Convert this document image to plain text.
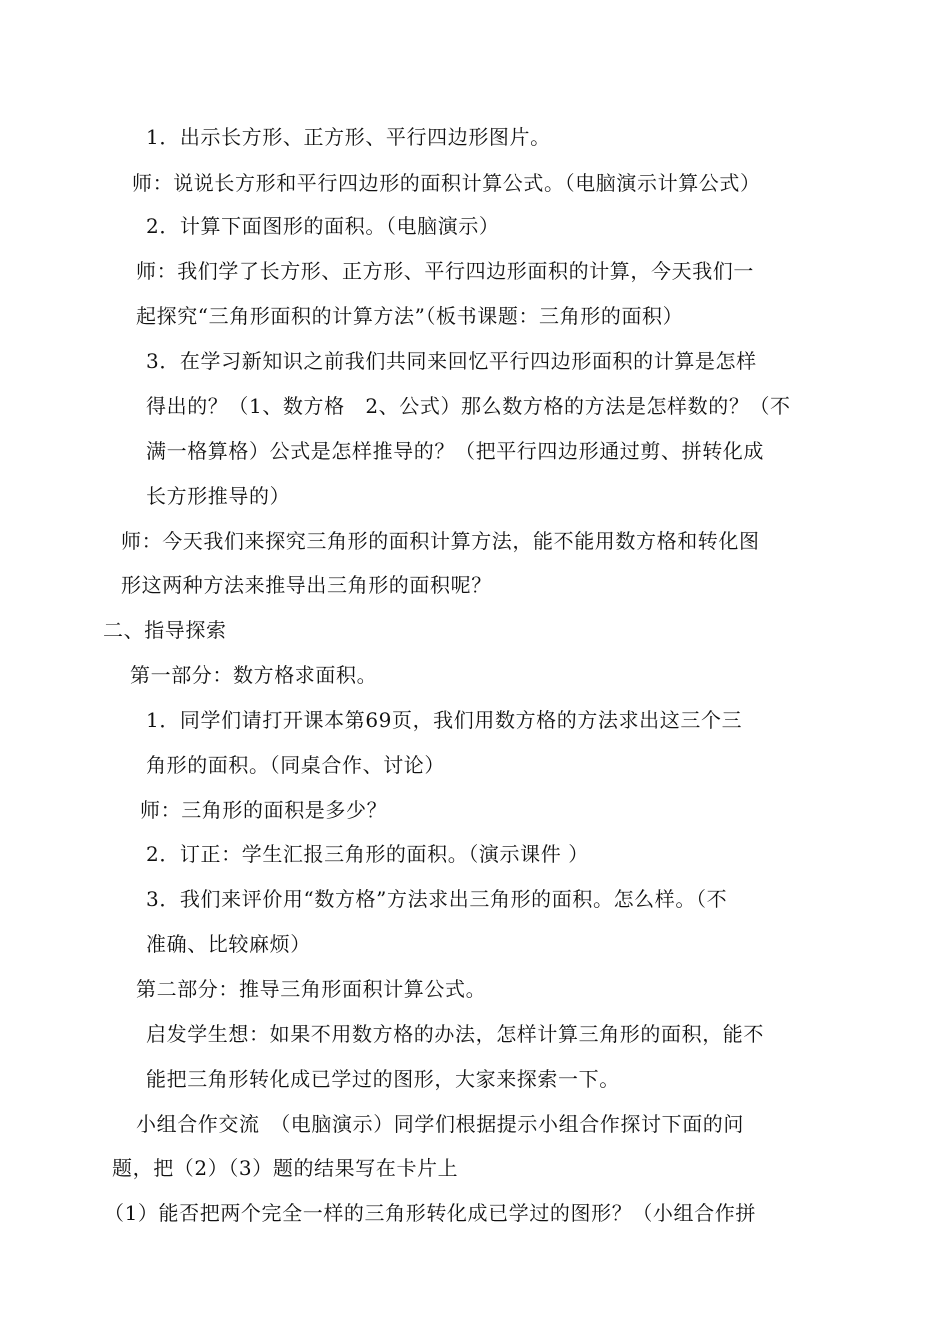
1．出示长方形、正方形、平行四边形图片。
师：说说长方形和平行四边形的面积计算公式。（电脑演示计算公式）
2．计算下面图形的面积。（电脑演示）
师：我们学了长方形、正方形、平行四边形面积的计算，今天我们一
起探究“三角形面积的计算方法”（板书课题：三角形的面积）
3．在学习新知识之前我们共同来回忆平行四边形面积的计算是怎样
得出的？（1、数方格　2、公式）那么数方格的方法是怎样数的？（不
满一格算格）公式是怎样推导的？（把平行四边形通过剪、拼转化成
长方形推导的）
师：今天我们来探究三角形的面积计算方法，能不能用数方格和转化图
形这两种方法来推导出三角形的面积呢？
二、指导探索
第一部分：数方格求面积。
1．同学们请打开课本第69页，我们用数方格的方法求出这三个三
角形的面积。（同桌合作、讨论）
师：三角形的面积是多少？
2．订正：学生汇报三角形的面积。（演示课件 ）
3．我们来评价用“数方格”方法求出三角形的面积。怎么样。（不
准确、比较麻烦）
第二部分：推导三角形面积计算公式。
启发学生想：如果不用数方格的办法，怎样计算三角形的面积，能不
能把三角形转化成已学过的图形，大家来探索一下。
小组合作交流　（电脑演示）同学们根据提示小组合作探讨下面的问
题，把（2）（3）题的结果写在卡片上
（1）能否把两个完全一样的三角形转化成已学过的图形？（小组合作拼
